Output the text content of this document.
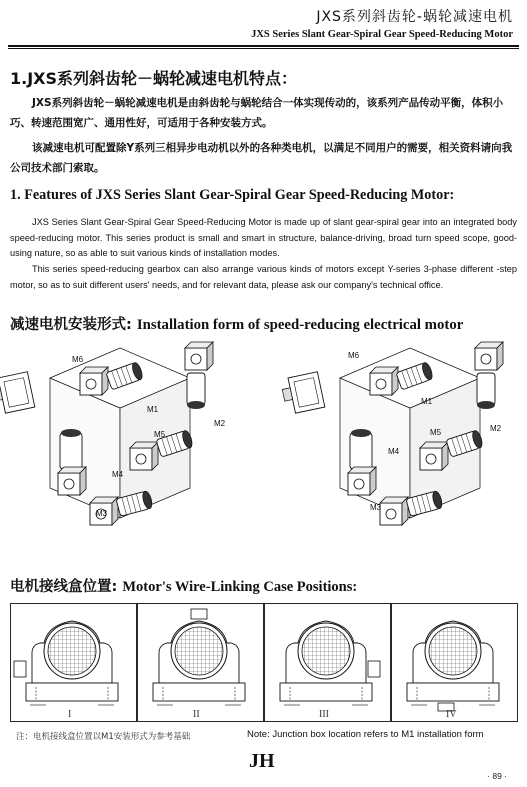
JXS系列斜齿轮-蜗轮减速电机
JXS Series Slant Gear-Spiral Gear Speed-Reducing Motor
1.JXS系列斜齿轮－蜗轮减速电机特点：
JXS系列斜齿轮－蜗轮减速电机是由斜齿轮与蜗轮结合一体实现传动的，该系列产品传动平衡，体积小巧、转速范围宽广、通用性好，可适用于各种安装方式。
该减速电机可配置除Y系列三相异步电动机以外的各种类电机，以满足不同用户的需要，相关资料请向我公司技术部门索取。
1. Features of JXS Series Slant Gear-Spiral Gear Speed-Reducing Motor:
JXS Series Slant Gear-Spiral Gear Speed-Reducing Motor is made up of slant gear-spiral gear into an integrated body speed-reducing motor. This series product is small and smart in structure, balance-driving, broad turn speed scope, good-using nature, so as able to suit various kinds of installation modes.
This series speed-reducing gearbox can also arrange various kinds of motors except Y-series 3-phase different -step motor, so as to suit different users' needs, and for relevant data, please ask our company's technical office.
减速电机安装形式: Installation form of speed-reducing electrical motor
M6
M1
M2
M5
M4
M3
M6
M1
M2
M5
M4
M3
电机接线盒位置: Motor's Wire-Linking Case Positions:
I	II	III	IV
注：电机接线盒位置以M1安装形式为参考基础	Note: Junction box location refers to M1 installation form
JH
· 89 ·
